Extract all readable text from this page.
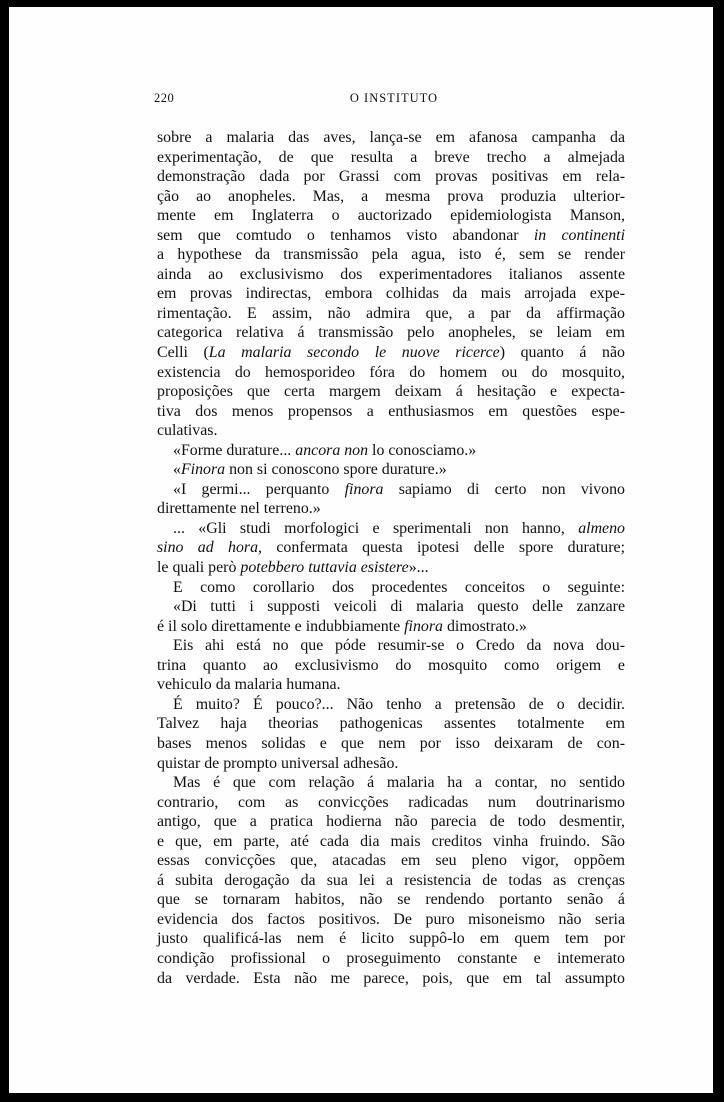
220	O INSTITUTO
sobre a malaria das aves, lança-se em afanosa campanha da
experimentação, de que resulta a breve trecho a almejada
demonstração dada por Grassi com provas positivas em rela-
ção ao anopheles. Mas, a mesma prova produzia ulterior-
mente em Inglaterra o auctorizado epidemiologista Manson,
sem que comtudo o tenhamos visto abandonar in continenti
a hypothese da transmissão pela agua, isto é, sem se render
ainda ao exclusivismo dos experimentadores italianos assente
em provas indirectas, embora colhidas da mais arrojada expe-
rimentação. E assim, não admira que, a par da affirmação
categorica relativa á transmissão pelo anopheles, se leiam em
Celli (La malaria secondo le nuove ricerce) quanto á não
existencia do hemosporideo fóra do homem ou do mosquito,
proposições que certa margem deixam á hesitação e expecta-
tiva dos menos propensos a enthusiasmos em questões espe-
culativas.
«Forme durature... ancora non lo conosciamo.»
«Finora non si conoscono spore durature.»
«I germi... perquanto finora sapiamo di certo non vivono
direttamente nel terreno.»
... «Gli studi morfologici e sperimentali non hanno, almeno
sino ad hora, confermata questa ipotesi delle spore durature;
le quali però potebbero tuttavia esistere»...
E como corollario dos procedentes conceitos o seguinte:
«Di tutti i supposti veicoli di malaria questo delle zanzare
é il solo direttamente e indubbiamente finora dimostrato.»
Eis ahi está no que póde resumir-se o Credo da nova dou-
trina quanto ao exclusivismo do mosquito como origem e
vehiculo da malaria humana.
É muito? É pouco?... Não tenho a pretensão de o decidir.
Talvez haja theorias pathogenicas assentes totalmente em
bases menos solidas e que nem por isso deixaram de con-
quistar de prompto universal adhesão.
Mas é que com relação á malaria ha a contar, no sentido
contrario, com as convicções radicadas num doutrinarismo
antigo, que a pratica hodierna não parecia de todo desmentir,
e que, em parte, até cada dia mais creditos vinha fruindo. São
essas convicções que, atacadas em seu pleno vigor, oppõem
á subita derogação da sua lei a resistencia de todas as crenças
que se tornaram habitos, não se rendendo portanto senão á
evidencia dos factos positivos. De puro misoneismo não seria
justo qualificá-las nem é licito suppô-lo em quem tem por
condição profissional o proseguimento constante e intemerato
da verdade. Esta não me parece, pois, que em tal assumpto
